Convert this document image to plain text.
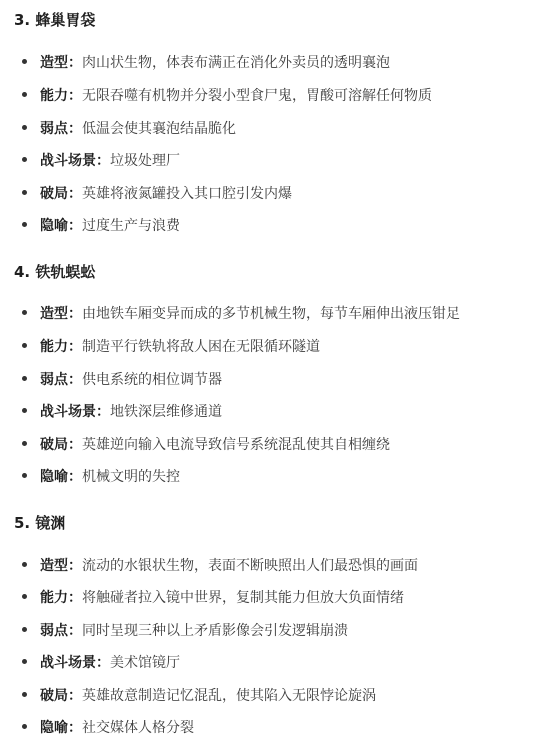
3. 蜂巢胃袋
造型：肉山状生物，体表布满正在消化外卖员的透明襄泡
能力：无限吞噬有机物并分裂小型食尸鬼，胃酸可溶解任何物质
弱点：低温会使其襄泡结晶脆化
战斗场景：垃圾处理厂
破局：英雄将液氮罐投入其口腔引发内爆
隐喻：过度生产与浪费
4. 铁轨蜈蚣
造型：由地铁车厢变异而成的多节机械生物，每节车厢伸出液压钳足
能力：制造平行铁轨将敌人困在无限循环隧道
弱点：供电系统的相位调节器
战斗场景：地铁深层维修通道
破局：英雄逆向输入电流导致信号系统混乱使其自相缠绕
隐喻：机械文明的失控
5. 镜渊
造型：流动的水银状生物，表面不断映照出人们最恐惧的画面
能力：将触碰者拉入镜中世界，复制其能力但放大负面情绪
弱点：同时呈现三种以上矛盾影像会引发逻辑崩溃
战斗场景：美术馆镜厅
破局：英雄故意制造记忆混乱，使其陷入无限悖论旋涡
隐喻：社交媒体人格分裂
